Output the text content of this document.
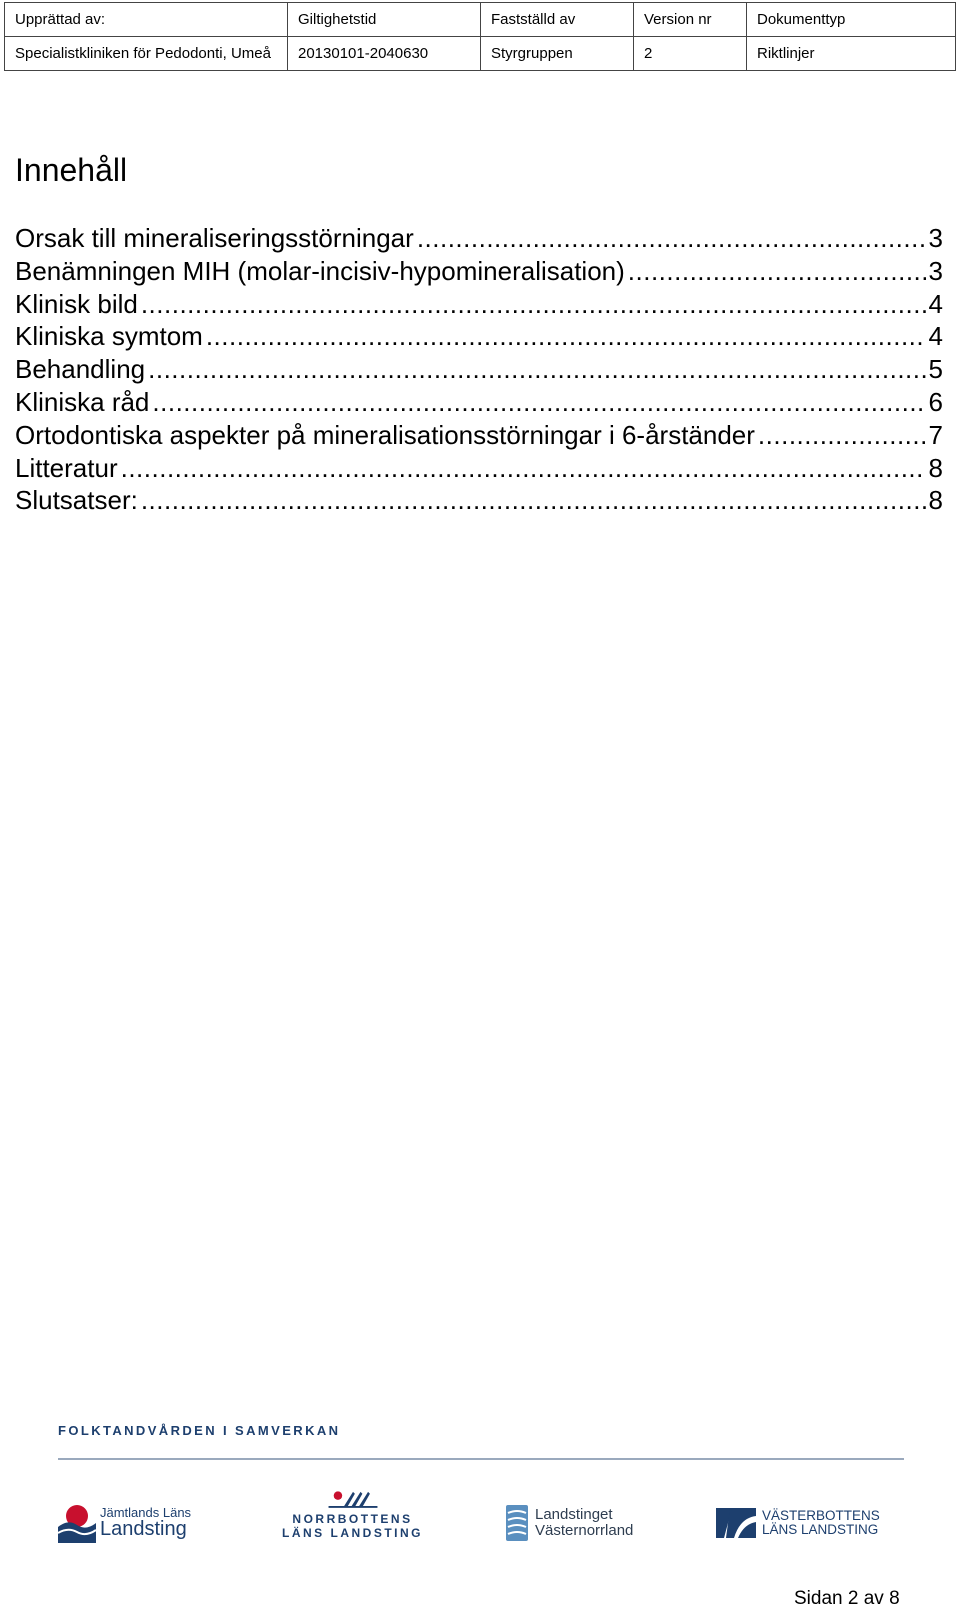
Upprättad av:	Giltighetstid	Fastställd av	Version nr	Dokumenttyp
Specialistkliniken för Pedodonti, Umeå	20130101-2040630	Styrgruppen	2	Riktlinjer
Innehåll
Orsak till mineraliseringsstörningar .....	3
Benämningen MIH (molar-incisiv-hypomineralisation) .....	3
Klinisk bild .....	4
Kliniska symtom .....	4
Behandling .....	5
Kliniska råd .....	6
Ortodontiska aspekter på mineralisationsstörningar i 6-årständer .....	7
Litteratur .....	8
Slutsatser: .....	8
FOLKTANDVÅRDEN I SAMVERKAN
Jämtlands Läns
Landsting	NORRBOTTENS
LÄNS LANDSTING
Landstinget
Västernorrland
VÄSTERBOTTENS
LÄNS LANDSTING
Sidan 2 av 8
